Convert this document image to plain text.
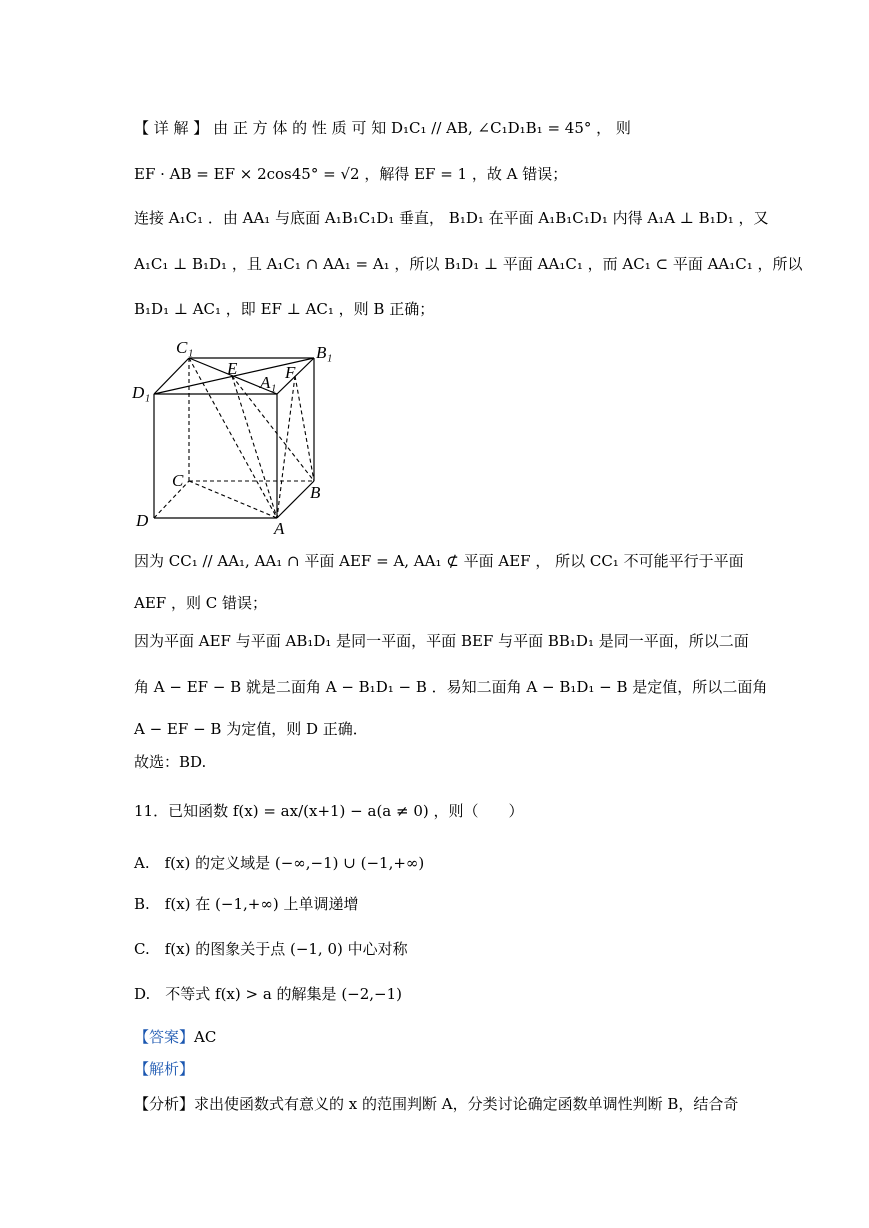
【 详 解 】 由 正 方 体 的 性 质 可 知 D₁C₁ // AB, ∠C₁D₁B₁ = 45° ， 则
EF · AB = EF × 2cos45° = √2 ，解得 EF = 1 ，故 A 错误；
连接 A₁C₁ ．由 AA₁ 与底面 A₁B₁C₁D₁ 垂直， B₁D₁ 在平面 A₁B₁C₁D₁ 内得 A₁A ⊥ B₁D₁ ，又
A₁C₁ ⊥ B₁D₁ ，且 A₁C₁ ∩ AA₁ = A₁ ，所以 B₁D₁ ⊥ 平面 AA₁C₁ ，而 AC₁ ⊂ 平面 AA₁C₁ ，所以
B₁D₁ ⊥ AC₁ ，即 EF ⊥ AC₁ ，则 B 正确；
C₁	B₁
E
A₁
F
D₁
C
B
D	A
因为 CC₁ // AA₁, AA₁ ∩ 平面 AEF = A, AA₁ ⊄ 平面 AEF ， 所以 CC₁ 不可能平行于平面
AEF ，则 C 错误；
因为平面 AEF 与平面 AB₁D₁ 是同一平面，平面 BEF 与平面 BB₁D₁ 是同一平面，所以二面
角 A − EF − B 就是二面角 A − B₁D₁ − B ．易知二面角 A − B₁D₁ − B 是定值，所以二面角
A − EF − B 为定值，则 D 正确．
故选：BD.
11．已知函数 f(x) = ax/(x+1) − a(a ≠ 0) ，则（　　）
A.　f(x) 的定义域是 (−∞,−1) ∪ (−1,+∞)
B.　f(x) 在 (−1,+∞) 上单调递增
C.　f(x) 的图象关于点 (−1, 0) 中心对称
D.　不等式 f(x) > a 的解集是 (−2,−1)
【答案】AC
【解析】
【分析】求出使函数式有意义的 x 的范围判断 A，分类讨论确定函数单调性判断 B，结合奇
